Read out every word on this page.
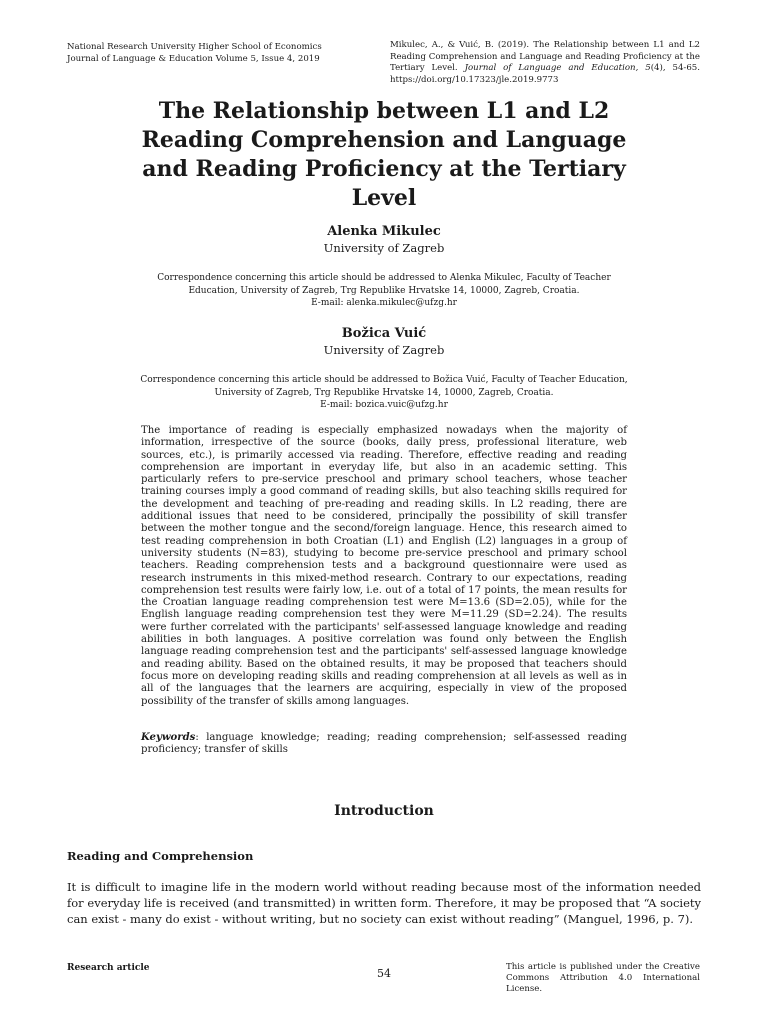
National Research University Higher School of Economics
Journal of Language & Education Volume 5, Issue 4, 2019
Mikulec, A., & Vuić, B. (2019). The Relationship between L1 and L2 Reading Comprehension and Language and Reading Proficiency at the Tertiary Level. Journal of Language and Education, 5(4), 54-65. https://doi.org/10.17323/jle.2019.9773
The Relationship between L1 and L2 Reading Comprehension and Language and Reading Proficiency at the Tertiary Level
Alenka Mikulec
University of Zagreb
Correspondence concerning this article should be addressed to Alenka Mikulec, Faculty of Teacher Education, University of Zagreb, Trg Republike Hrvatske 14, 10000, Zagreb, Croatia.
E-mail: alenka.mikulec@ufzg.hr
Božica Vuić
University of Zagreb
Correspondence concerning this article should be addressed to Božica Vuić, Faculty of Teacher Education, University of Zagreb, Trg Republike Hrvatske 14, 10000, Zagreb, Croatia.
E-mail: bozica.vuic@ufzg.hr

The importance of reading is especially emphasized nowadays when the majority of information, irrespective of the source (books, daily press, professional literature, web sources, etc.), is primarily accessed via reading. Therefore, effective reading and reading comprehension are important in everyday life, but also in an academic setting. This particularly refers to pre-service preschool and primary school teachers, whose teacher training courses imply a good command of reading skills, but also teaching skills required for the development and teaching of pre-reading and reading skills. In L2 reading, there are additional issues that need to be considered, principally the possibility of skill transfer between the mother tongue and the second/foreign language. Hence, this research aimed to test reading comprehension in both Croatian (L1) and English (L2) languages in a group of university students (N=83), studying to become pre-service preschool and primary school teachers. Reading comprehension tests and a background questionnaire were used as research instruments in this mixed-method research. Contrary to our expectations, reading comprehension test results were fairly low, i.e. out of a total of 17 points, the mean results for the Croatian language reading comprehension test were M=13.6 (SD=2.05), while for the English language reading comprehension test they were M=11.29 (SD=2.24). The results were further correlated with the participants' self-assessed language knowledge and reading abilities in both languages. A positive correlation was found only between the English language reading comprehension test and the participants' self-assessed language knowledge and reading ability. Based on the obtained results, it may be proposed that teachers should focus more on developing reading skills and reading comprehension at all levels as well as in all of the languages that the learners are acquiring, especially in view of the proposed possibility of the transfer of skills among languages.

Keywords: language knowledge; reading; reading comprehension; self-assessed reading proficiency; transfer of skills

Introduction
Reading and Comprehension

It is difficult to imagine life in the modern world without reading because most of the information needed for everyday life is received (and transmitted) in written form. Therefore, it may be proposed that “A society can exist - many do exist - without writing, but no society can exist without reading” (Manguel, 1996, p. 7).

Research article	54	This article is published under the Creative Commons Attribution 4.0 International License.
